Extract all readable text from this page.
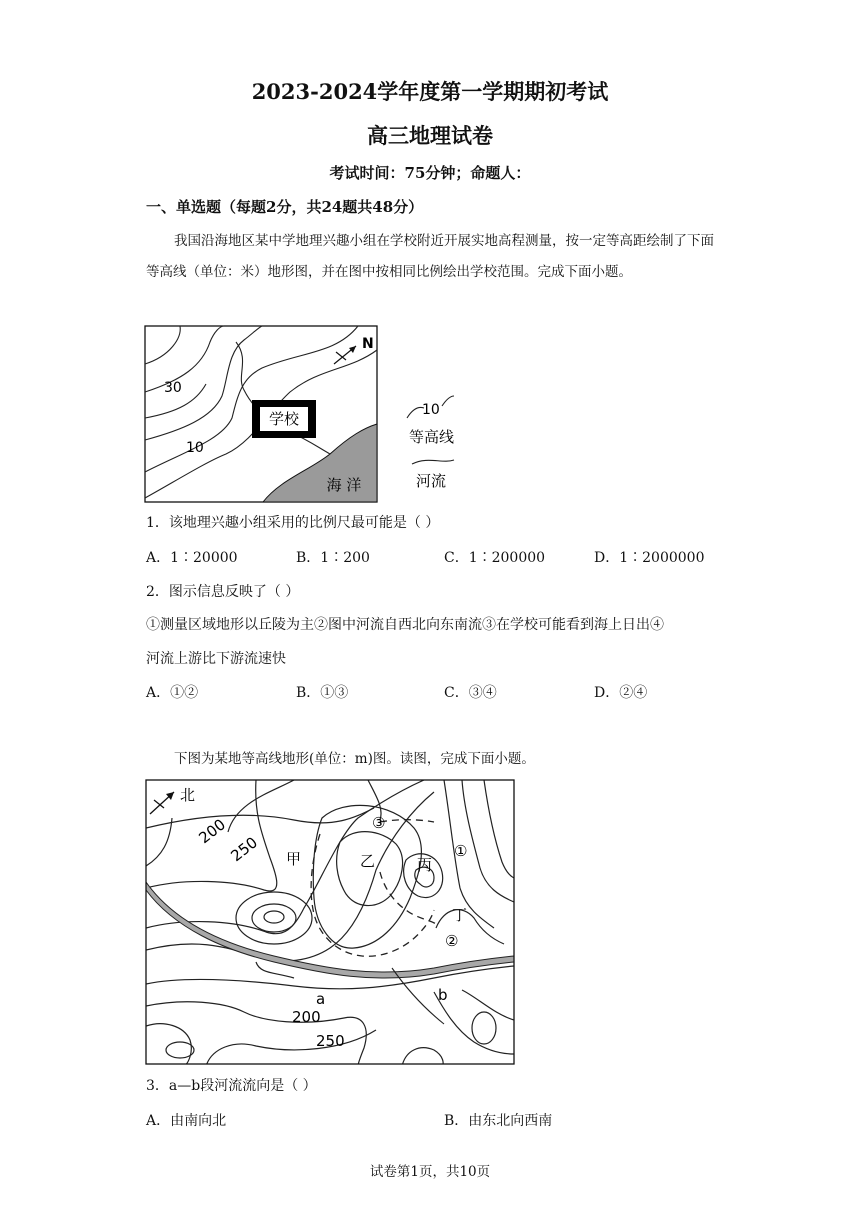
2023-2024学年度第一学期期初考试
高三地理试卷
考试时间：75分钟；命题人：
一、单选题（每题2分，共24题共48分）
我国沿海地区某中学地理兴趣小组在学校附近开展实地高程测量，按一定等高距绘制了下面等高线（单位：米）地形图，并在图中按相同比例绘出学校范围。完成下面小题。
学校
30
10
海 洋
N
10
等高线
河流
1．该地理兴趣小组采用的比例尺最可能是（ ）
A．1∶20000	B．1∶200	C．1∶200000	D．1∶2000000
2．图示信息反映了（ ）
①测量区域地形以丘陵为主②图中河流自西北向东南流③在学校可能看到海上日出④
河流上游比下游流速快
A．①②	B．①③	C．③④	D．②④
下图为某地等高线地形(单位：m)图。读图，完成下面小题。
北
200
250 甲	乙	丙
丁
①
②
③
a	b
200
250
3．a—b段河流流向是（ ）
A．由南向北	B．由东北向西南
试卷第1页，共10页
